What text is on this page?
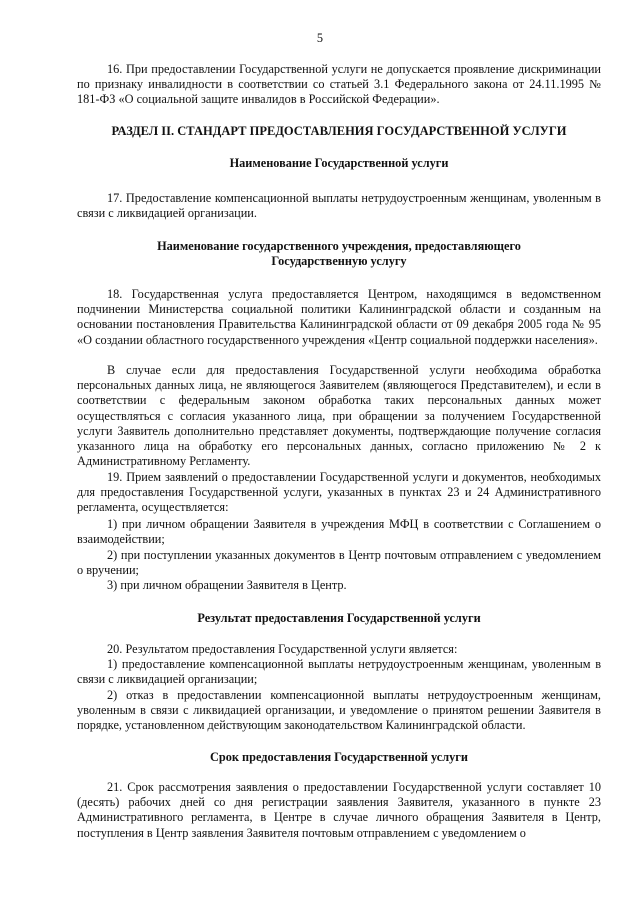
5

16. При предоставлении Государственной услуги не допускается проявление дискриминации по признаку инвалидности в соответствии со статьей 3.1 Федерального закона от 24.11.1995 № 181-ФЗ «О социальной защите инвалидов в Российской Федерации».

РАЗДЕЛ II. СТАНДАРТ ПРЕДОСТАВЛЕНИЯ ГОСУДАРСТВЕННОЙ УСЛУГИ

Наименование Государственной услуги

17. Предоставление компенсационной выплаты нетрудоустроенным женщинам, уволенным в связи с ликвидацией организации.

Наименование государственного учреждения, предоставляющего
Государственную услугу

18. Государственная услуга предоставляется Центром, находящимся в ведомственном подчинении Министерства социальной политики Калининградской области и созданным на основании постановления Правительства Калининградской области от 09 декабря 2005 года № 95 «О создании областного государственного учреждения «Центр социальной поддержки населения».

В случае если для предоставления Государственной услуги необходима обработка персональных данных лица, не являющегося Заявителем (являющегося Представителем), и если в соответствии с федеральным законом обработка таких персональных данных может осуществляться с согласия указанного лица, при обращении за получением Государственной услуги Заявитель дополнительно представляет документы, подтверждающие получение согласия указанного лица на обработку его персональных данных, согласно приложению № 2 к Административному Регламенту.

19. Прием заявлений о предоставлении Государственной услуги и документов, необходимых для предоставления Государственной услуги, указанных в пунктах 23 и 24 Административного регламента, осуществляется:

1) при личном обращении Заявителя в учреждения МФЦ в соответствии с Соглашением о взаимодействии;

2) при поступлении указанных документов в Центр почтовым отправлением с уведомлением о вручении;

3) при личном обращении Заявителя в Центр.

Результат предоставления Государственной услуги

20. Результатом предоставления Государственной услуги является:

1) предоставление компенсационной выплаты нетрудоустроенным женщинам, уволенным в связи с ликвидацией организации;

2) отказ в предоставлении компенсационной выплаты нетрудоустроенным женщинам, уволенным в связи с ликвидацией организации, и уведомление о принятом решении Заявителя в порядке, установленном действующим законодательством Калининградской области.

Срок предоставления Государственной услуги

21. Срок рассмотрения заявления о предоставлении Государственной услуги составляет 10 (десять) рабочих дней со дня регистрации заявления Заявителя, указанного в пункте 23 Административного регламента, в Центре в случае личного обращения Заявителя в Центр, поступления в Центр заявления Заявителя почтовым отправлением с уведомлением о
